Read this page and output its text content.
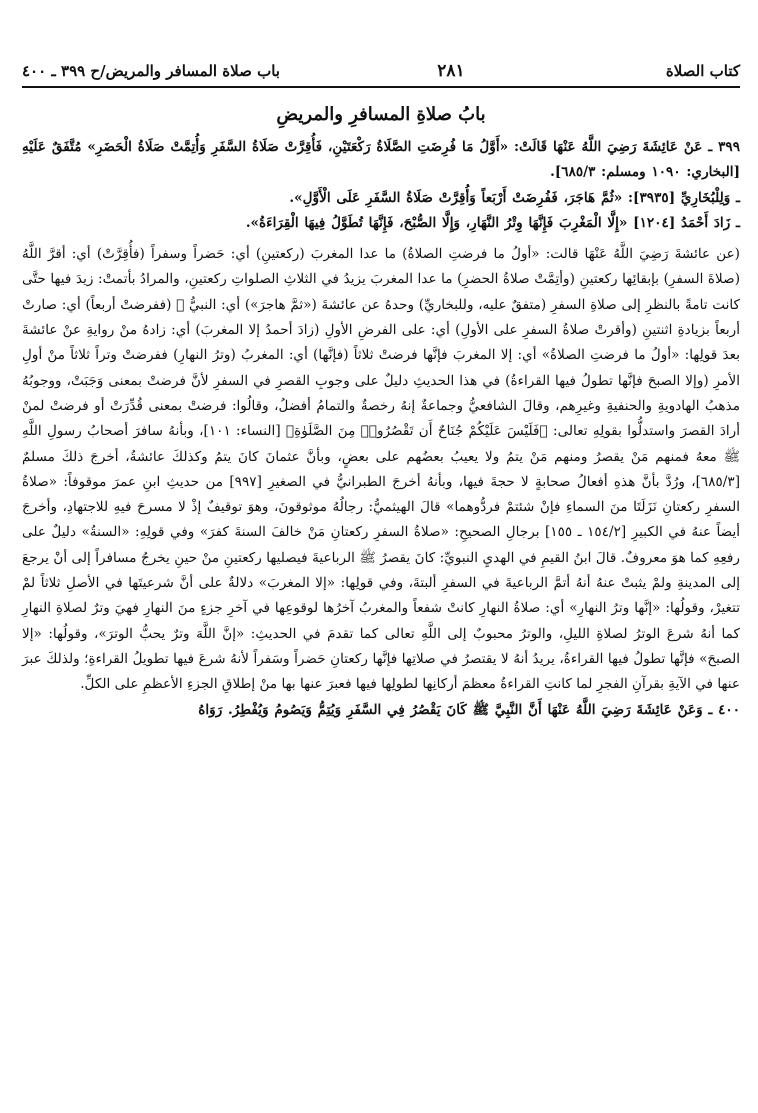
كتاب الصلاة
٢٨١
باب صلاة المسافر والمريض/ح ٣٩٩ ـ ٤٠٠
بابُ صلاةِ المسافرِ والمريضِ

٣٩٩ ـ عَنْ عَائِشَةَ رَضِيَ اللَّهُ عَنْهَا قَالَتْ: «أَوَّلُ مَا فُرِضَتِ الصَّلَاةُ رَكْعَتَيْنِ، فَأُقِرَّتْ صَلَاةُ السَّفَرِ وَأُتِمَّتْ صَلَاةُ الْحَضَرِ» مُتَّفَقٌ عَلَيْهِ [البخاري: ١٠٩٠ ومسلم: ٦٨٥/٣].

ـ وَلِلْبُخَارِيِّ [٣٩٣٥]: «ثُمَّ هَاجَرَ، فَفُرِضَتْ أَرْبَعاً وَأُقِرَّتْ صَلَاةُ السَّفَرِ عَلَى الْأَوَّلِ».

ـ زَادَ أَحْمَدُ [١٢٠٤] «إِلَّا الْمَغْرِبَ فَإِنَّهَا وِتْرُ النَّهَارِ، وَإِلَّا الصُّبْحَ، فَإِنَّهَا تُطَوَّلُ فِيهَا الْقِرَاءَةُ».

(عن عائشةَ رَضِيَ اللَّهُ عَنْهَا قالت: «أولُ ما فرضتِ الصلاةُ) ما عدا المغربَ (ركعتينِ) أي: حَضراً وسفراً (فأُقِرَّتْ) أي: أقرَّ اللَّهُ (صلاةَ السفرِ) بإبقائِها ركعتينِ (وأتِمَّتْ صلاةُ الحضرِ) ما عدا المغربَ يزيدُ في الثلاثِ الصلواتِ ركعتينِ، والمرادُ بأتمتْ: زيدَ فيها حتَّى كانت تامةً بالنظرِ إلى صلاةِ السفرِ (متفقٌ عليه، وللبخاريِّ) وحدهُ عن عائشةَ («ثمَّ هاجرَ») أي: النبيُّ ﷺ (ففرضتْ أربعاً) أي: صارتْ أربعاً بزيادةِ اثنتينِ (وأقرتْ صلاةُ السفرِ على الأولِ) أي: على الفرضِ الأولِ (زادَ أحمدُ إلا المغربَ) أي: زادهُ منْ روايةِ عنْ عائشةَ بعدَ قولِها: «أولُ ما فرضتِ الصلاةُ» أي: إلا المغربَ فإنَّها فرضتْ ثلاثاً (فإنَّها) أي: المغربُ (وترُ النهارِ) ففرضتْ وتراً ثلاثاً منْ أولِ الأمرِ (وإلا الصبحَ فإنَّها تطولُ فيها القراءةُ) في هذا الحديثِ دليلٌ على وجوبِ القصرِ في السفرِ لأنَّ فرضتْ بمعنى وَجَبَتْ، ووجوبُهُ مذهبُ الهادويةِ والحنفيةِ وغيرِهم، وقالَ الشافعيُّ وجماعةٌ إنهُ رخصةٌ والتمامُ أفضلُ، وقالُوا: فرضتْ بمعنى قُدِّرَتْ أو فرضتْ لمنْ أرادَ القصرَ واستدلُّوا بقولِهِ تعالى: ﴿فَلَيْسَ عَلَيْكُمْ جُنَاحٌ أَن تَقْصُرُوا۟ مِنَ الصَّلَوٰةِ﴾ [النساء: ١٠١]، وبأنهُ سافرَ أصحابُ رسولِ اللَّهِ ﷺ معهُ فمنهم مَنْ يقصرُ ومنهم مَنْ يتمُ ولا يعيبُ بعضُهم على بعضٍ، وبأنَّ عثمانَ كانَ يتمُ وكذلكَ عائشةُ، أخرجَ ذلكَ مسلمٌ [٦٨٥/٣]، ورُدَّ بأنَّ هذهِ أفعالُ صحابةٍ لا حجةَ فيها، وبأنهُ أخرجَ الطبرانيُّ في الصغيرِ [٩٩٧] من حديثِ ابنِ عمرَ موقوفاً: «صلاةُ السفرِ ركعتانِ نَزَلَتَا منَ السماءِ فإنْ شئتمْ فردُّوهما» قالَ الهيثميُّ: رجالُهُ موثوقونَ، وهوَ توقيفٌ إذْ لا مسرحَ فيهِ للاجتهادِ، وأخرجَ أيضاً عنهُ في الكبيرِ [١٥٤/٢ ـ ١٥٥] برجالِ الصحيحِ: «صلاةُ السفرِ ركعتانِ مَنْ خالفَ السنةَ كفرَ» وفي قولِهِ: «السنةُ» دليلٌ على رفعِهِ كما هوَ معروفٌ. قالَ ابنُ القيمِ في الهديِ النبويِّ: كانَ يقصرُ ﷺ الرباعيةَ فيصليها ركعتينِ منْ حينِ يخرجُ مسافراً إلى أنْ يرجعَ إلى المدينةِ ولمْ يثبتْ عنهُ أنهُ أتمَّ الرباعيةَ في السفرِ ألبتةَ، وفي قولِها: «إلا المغربَ» دلالةٌ على أنَّ شرعيتَها في الأصلِ ثلاثاً لمْ تتغيرْ، وقولُها: «إنَّها وترُ النهارِ» أي: صلاةُ النهارِ كانتْ شفعاً والمغربُ آخرُها لوقوعِها في آخرِ جزءٍ منَ النهارِ فهيَ وترٌ لصلاةِ النهارِ كما أنهُ شرعَ الوترُ لصلاةِ الليلِ، والوترُ محبوبٌ إلى اللَّهِ تعالى كما تقدمَ في الحديثِ: «إنَّ اللَّهَ وترٌ يحبُّ الوترَ»، وقولُها: «إلا الصبحَ» فإنَّها تطولُ فيها القراءةُ، يريدُ أنهُ لا يقتصرُ في صلاتِها فإنَّها ركعتانِ حَضراً وسَفراً لأنهُ شرعَ فيها تطويلُ القراءةِ؛ ولذلكَ عبرَ عنها في الآيةِ بقرآنِ الفجرِ لما كانتِ القراءةُ معظمَ أركانِها لطولِها فيها فعبرَ عنها بها منْ إطلاقِ الجزءِ الأعظمِ على الكلِّ.

٤٠٠ ـ وَعَنْ عَائِشَةَ رَضِيَ اللَّهُ عَنْهَا أَنَّ النَّبِيَّ ﷺ كَانَ يَقْصُرُ فِي السَّفَرِ وَيُتِمُّ وَيَصُومُ وَيُفْطِرُ. رَوَاهُ
